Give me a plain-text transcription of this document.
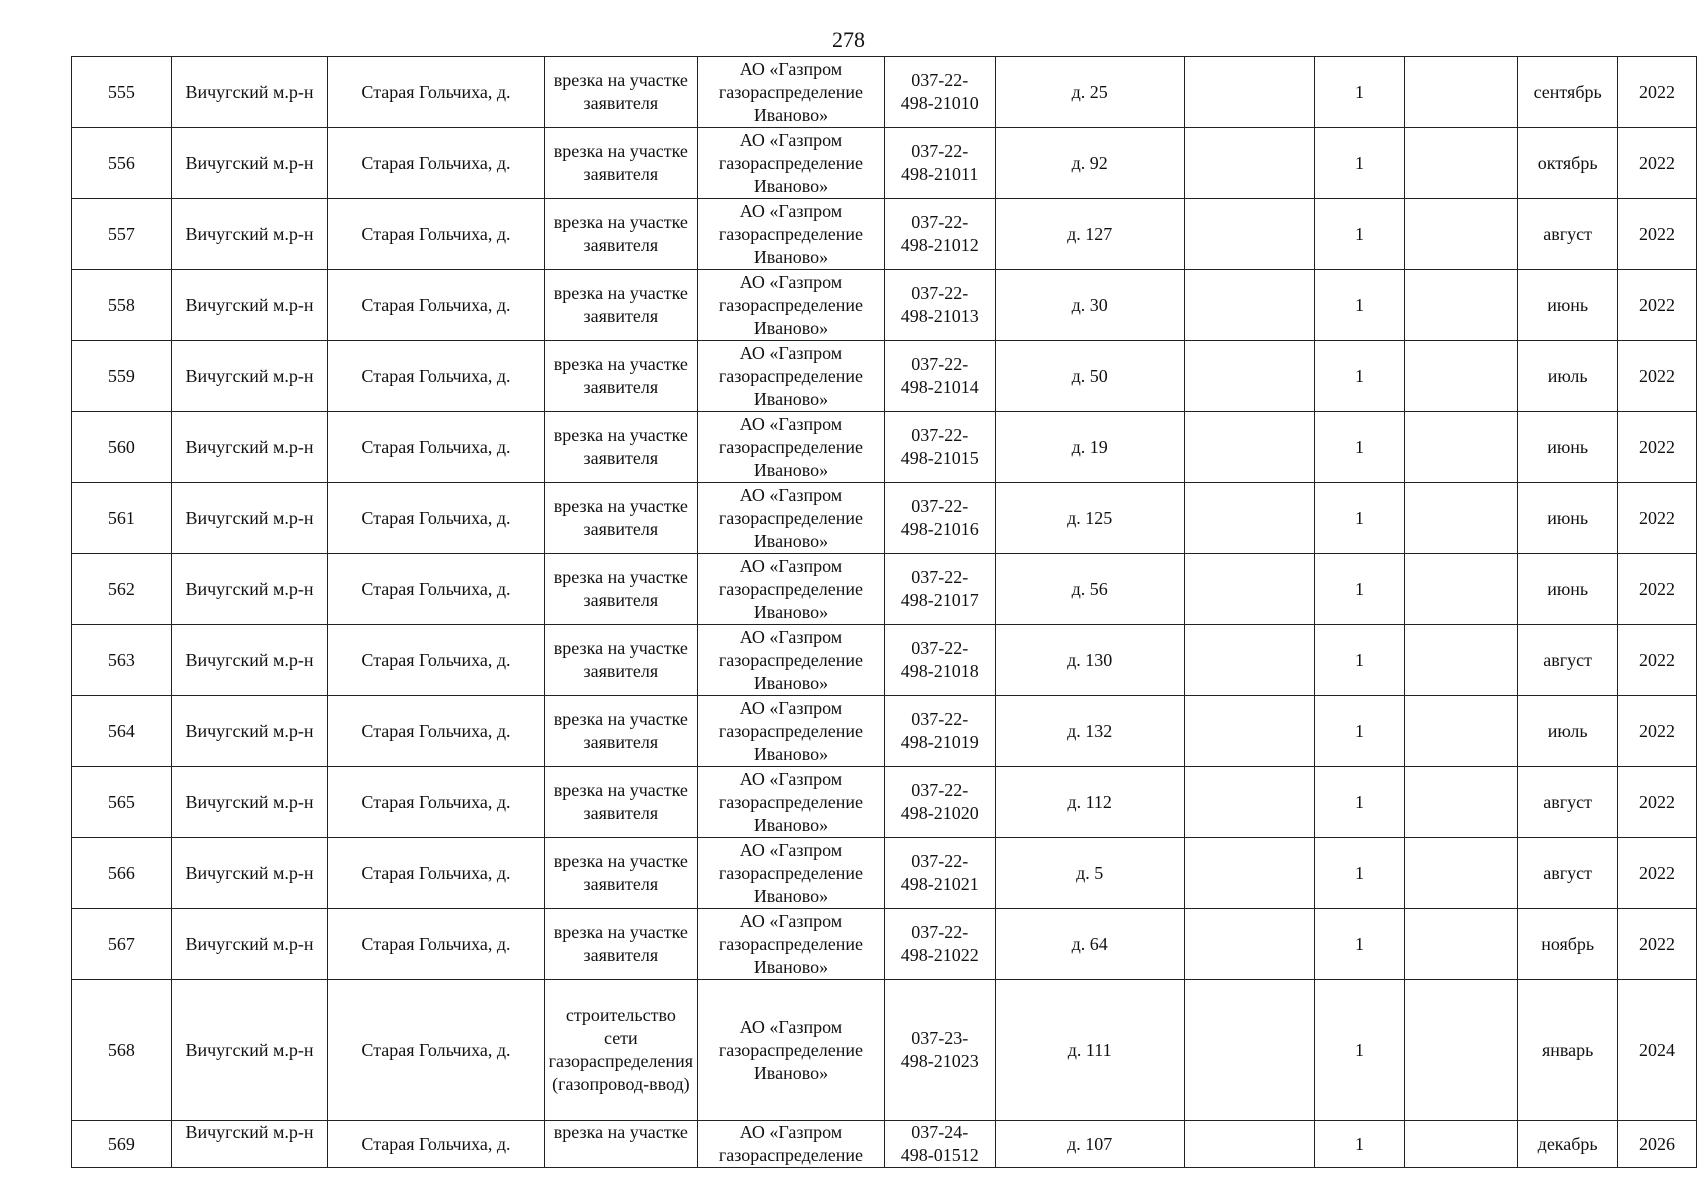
278
555	Вичугский м.р-н	Старая Гольчиха, д.	врезка на участке заявителя	АО «Газпром
газораспределение
Иваново»	037-22-
498-21010	д. 25		1		сентябрь	2022
556	Вичугский м.р-н	Старая Гольчиха, д.	врезка на участке заявителя	АО «Газпром
газораспределение
Иваново»	037-22-
498-21011	д. 92		1		октябрь	2022
557	Вичугский м.р-н	Старая Гольчиха, д.	врезка на участке заявителя	АО «Газпром
газораспределение
Иваново»	037-22-
498-21012	д. 127		1		август	2022
558	Вичугский м.р-н	Старая Гольчиха, д.	врезка на участке заявителя	АО «Газпром
газораспределение
Иваново»	037-22-
498-21013	д. 30		1		июнь	2022
559	Вичугский м.р-н	Старая Гольчиха, д.	врезка на участке заявителя	АО «Газпром
газораспределение
Иваново»	037-22-
498-21014	д. 50		1		июль	2022
560	Вичугский м.р-н	Старая Гольчиха, д.	врезка на участке заявителя	АО «Газпром
газораспределение
Иваново»	037-22-
498-21015	д. 19		1		июнь	2022
561	Вичугский м.р-н	Старая Гольчиха, д.	врезка на участке заявителя	АО «Газпром
газораспределение
Иваново»	037-22-
498-21016	д. 125		1		июнь	2022
562	Вичугский м.р-н	Старая Гольчиха, д.	врезка на участке заявителя	АО «Газпром
газораспределение
Иваново»	037-22-
498-21017	д. 56		1		июнь	2022
563	Вичугский м.р-н	Старая Гольчиха, д.	врезка на участке заявителя	АО «Газпром
газораспределение
Иваново»	037-22-
498-21018	д. 130		1		август	2022
564	Вичугский м.р-н	Старая Гольчиха, д.	врезка на участке заявителя	АО «Газпром
газораспределение
Иваново»	037-22-
498-21019	д. 132		1		июль	2022
565	Вичугский м.р-н	Старая Гольчиха, д.	врезка на участке заявителя	АО «Газпром
газораспределение
Иваново»	037-22-
498-21020	д. 112		1		август	2022
566	Вичугский м.р-н	Старая Гольчиха, д.	врезка на участке заявителя	АО «Газпром
газораспределение
Иваново»	037-22-
498-21021	д. 5		1		август	2022
567	Вичугский м.р-н	Старая Гольчиха, д.	врезка на участке заявителя	АО «Газпром
газораспределение
Иваново»	037-22-
498-21022	д. 64		1		ноябрь	2022
568	Вичугский м.р-н	Старая Гольчиха, д.	строительство сети газораспределения (газопровод-ввод)	АО «Газпром
газораспределение
Иваново»	037-23-
498-21023	д. 111		1		январь	2024
569	Вичугский м.р-н	Старая Гольчиха, д.	врезка на участке	АО «Газпром
газораспределение	037-24-
498-01512	д. 107		1		декабрь	2026
